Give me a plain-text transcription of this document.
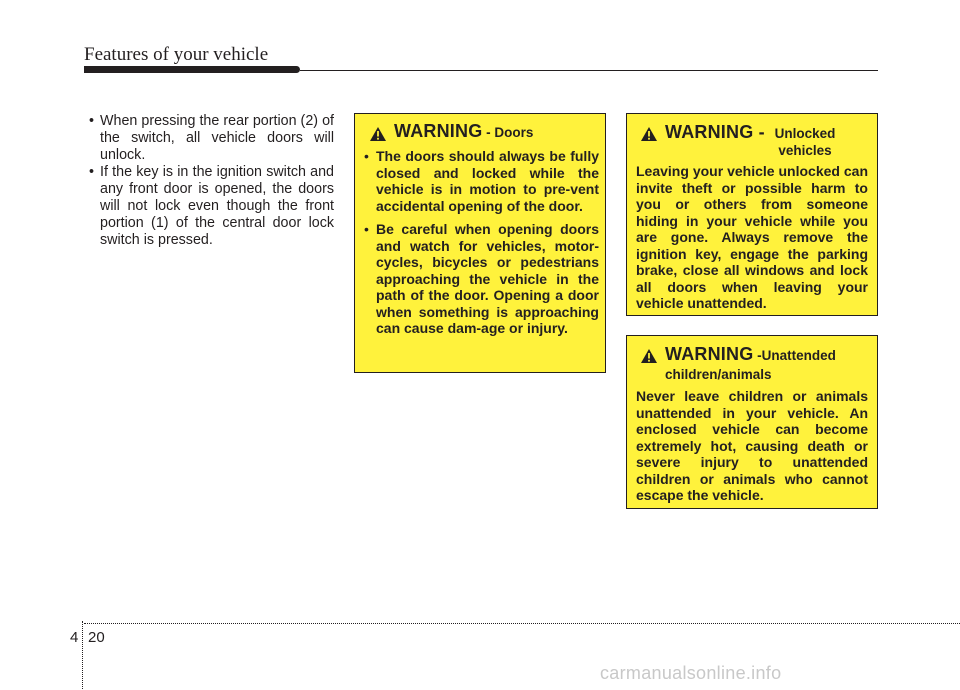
Features of your vehicle
• When pressing the rear portion (2) of the switch, all vehicle doors will unlock.
• If the key is in the ignition switch and any front door is opened, the doors will not lock even though the front portion (1) of the central door lock switch is pressed.
WARNING - Doors
• The doors should always be fully closed and locked while the vehicle is in motion to pre-vent accidental opening of the door.
• Be careful when opening doors and watch for vehicles, motor-cycles, bicycles or pedestrians approaching the vehicle in the path of the door. Opening a door when something is approaching can cause dam-age or injury.
WARNING - Unlocked vehicles

Leaving your vehicle unlocked can invite theft or possible harm to you or others from someone hiding in your vehicle while you are gone. Always remove the ignition key, engage the parking brake, close all windows and lock all doors when leaving your vehicle unattended.

WARNING -Unattended children/animals

Never leave children or animals unattended in your vehicle. An enclosed vehicle can become extremely hot, causing death or severe injury to unattended children or animals who cannot escape the vehicle.

4 20
carmanualsonline.info
